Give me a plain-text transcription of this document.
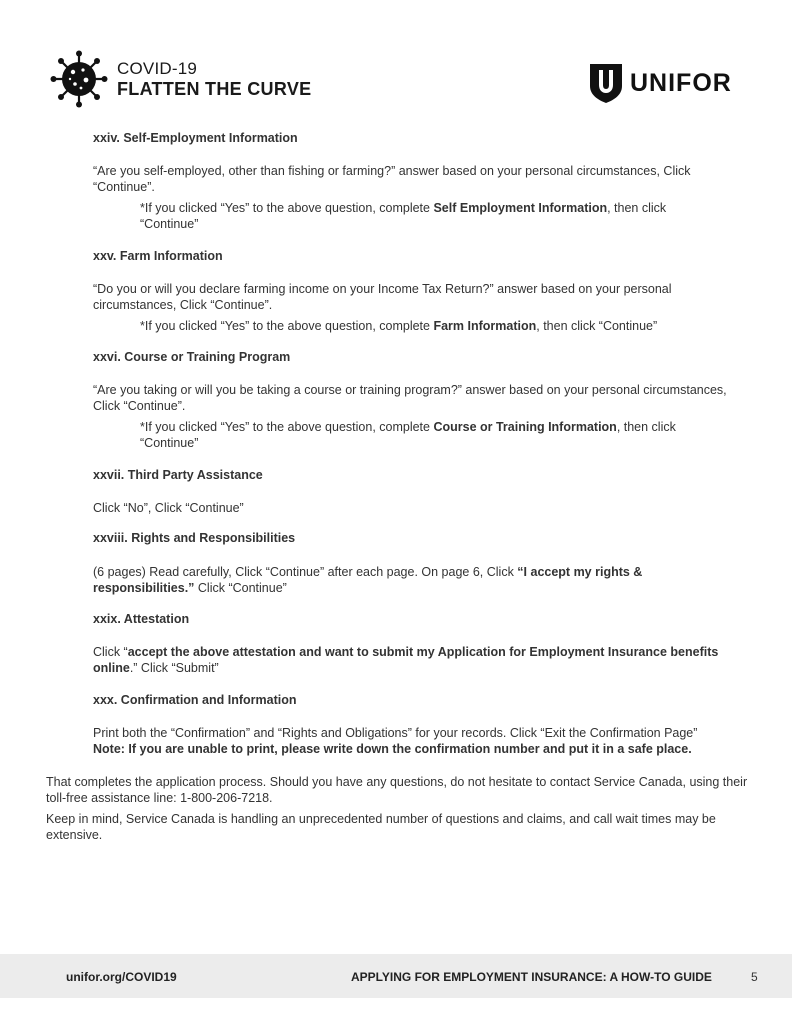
COVID-19
FLATTEN THE CURVE	UNIFOR
xxiv. Self-Employment Information
“Are you self-employed, other than fishing or farming?” answer based on your personal circumstances, Click “Continue”.
*If you clicked “Yes” to the above question, complete Self Employment Information, then click “Continue”
xxv. Farm Information
“Do you or will you declare farming income on your Income Tax Return?” answer based on your personal circumstances, Click “Continue”.
*If you clicked “Yes” to the above question, complete Farm Information, then click “Continue”
xxvi. Course or Training Program
“Are you taking or will you be taking a course or training program?” answer based on your personal circumstances, Click “Continue”.
*If you clicked “Yes” to the above question, complete Course or Training Information, then click “Continue”
xxvii. Third Party Assistance
Click “No”, Click “Continue”
xxviii. Rights and Responsibilities
(6 pages) Read carefully, Click “Continue” after each page. On page 6, Click “I accept my rights & responsibilities.” Click “Continue”
xxix. Attestation
Click “accept the above attestation and want to submit my Application for Employment Insurance benefits online.” Click “Submit”
xxx. Confirmation and Information
Print both the “Confirmation” and “Rights and Obligations” for your records. Click “Exit the Confirmation Page”
Note: If you are unable to print, please write down the confirmation number and put it in a safe place.
That completes the application process. Should you have any questions, do not hesitate to contact Service Canada, using their toll-free assistance line: 1-800-206-7218.
Keep in mind, Service Canada is handling an unprecedented number of questions and claims, and call wait times may be extensive.
unifor.org/COVID19	APPLYING FOR EMPLOYMENT INSURANCE: A HOW-TO GUIDE	5
